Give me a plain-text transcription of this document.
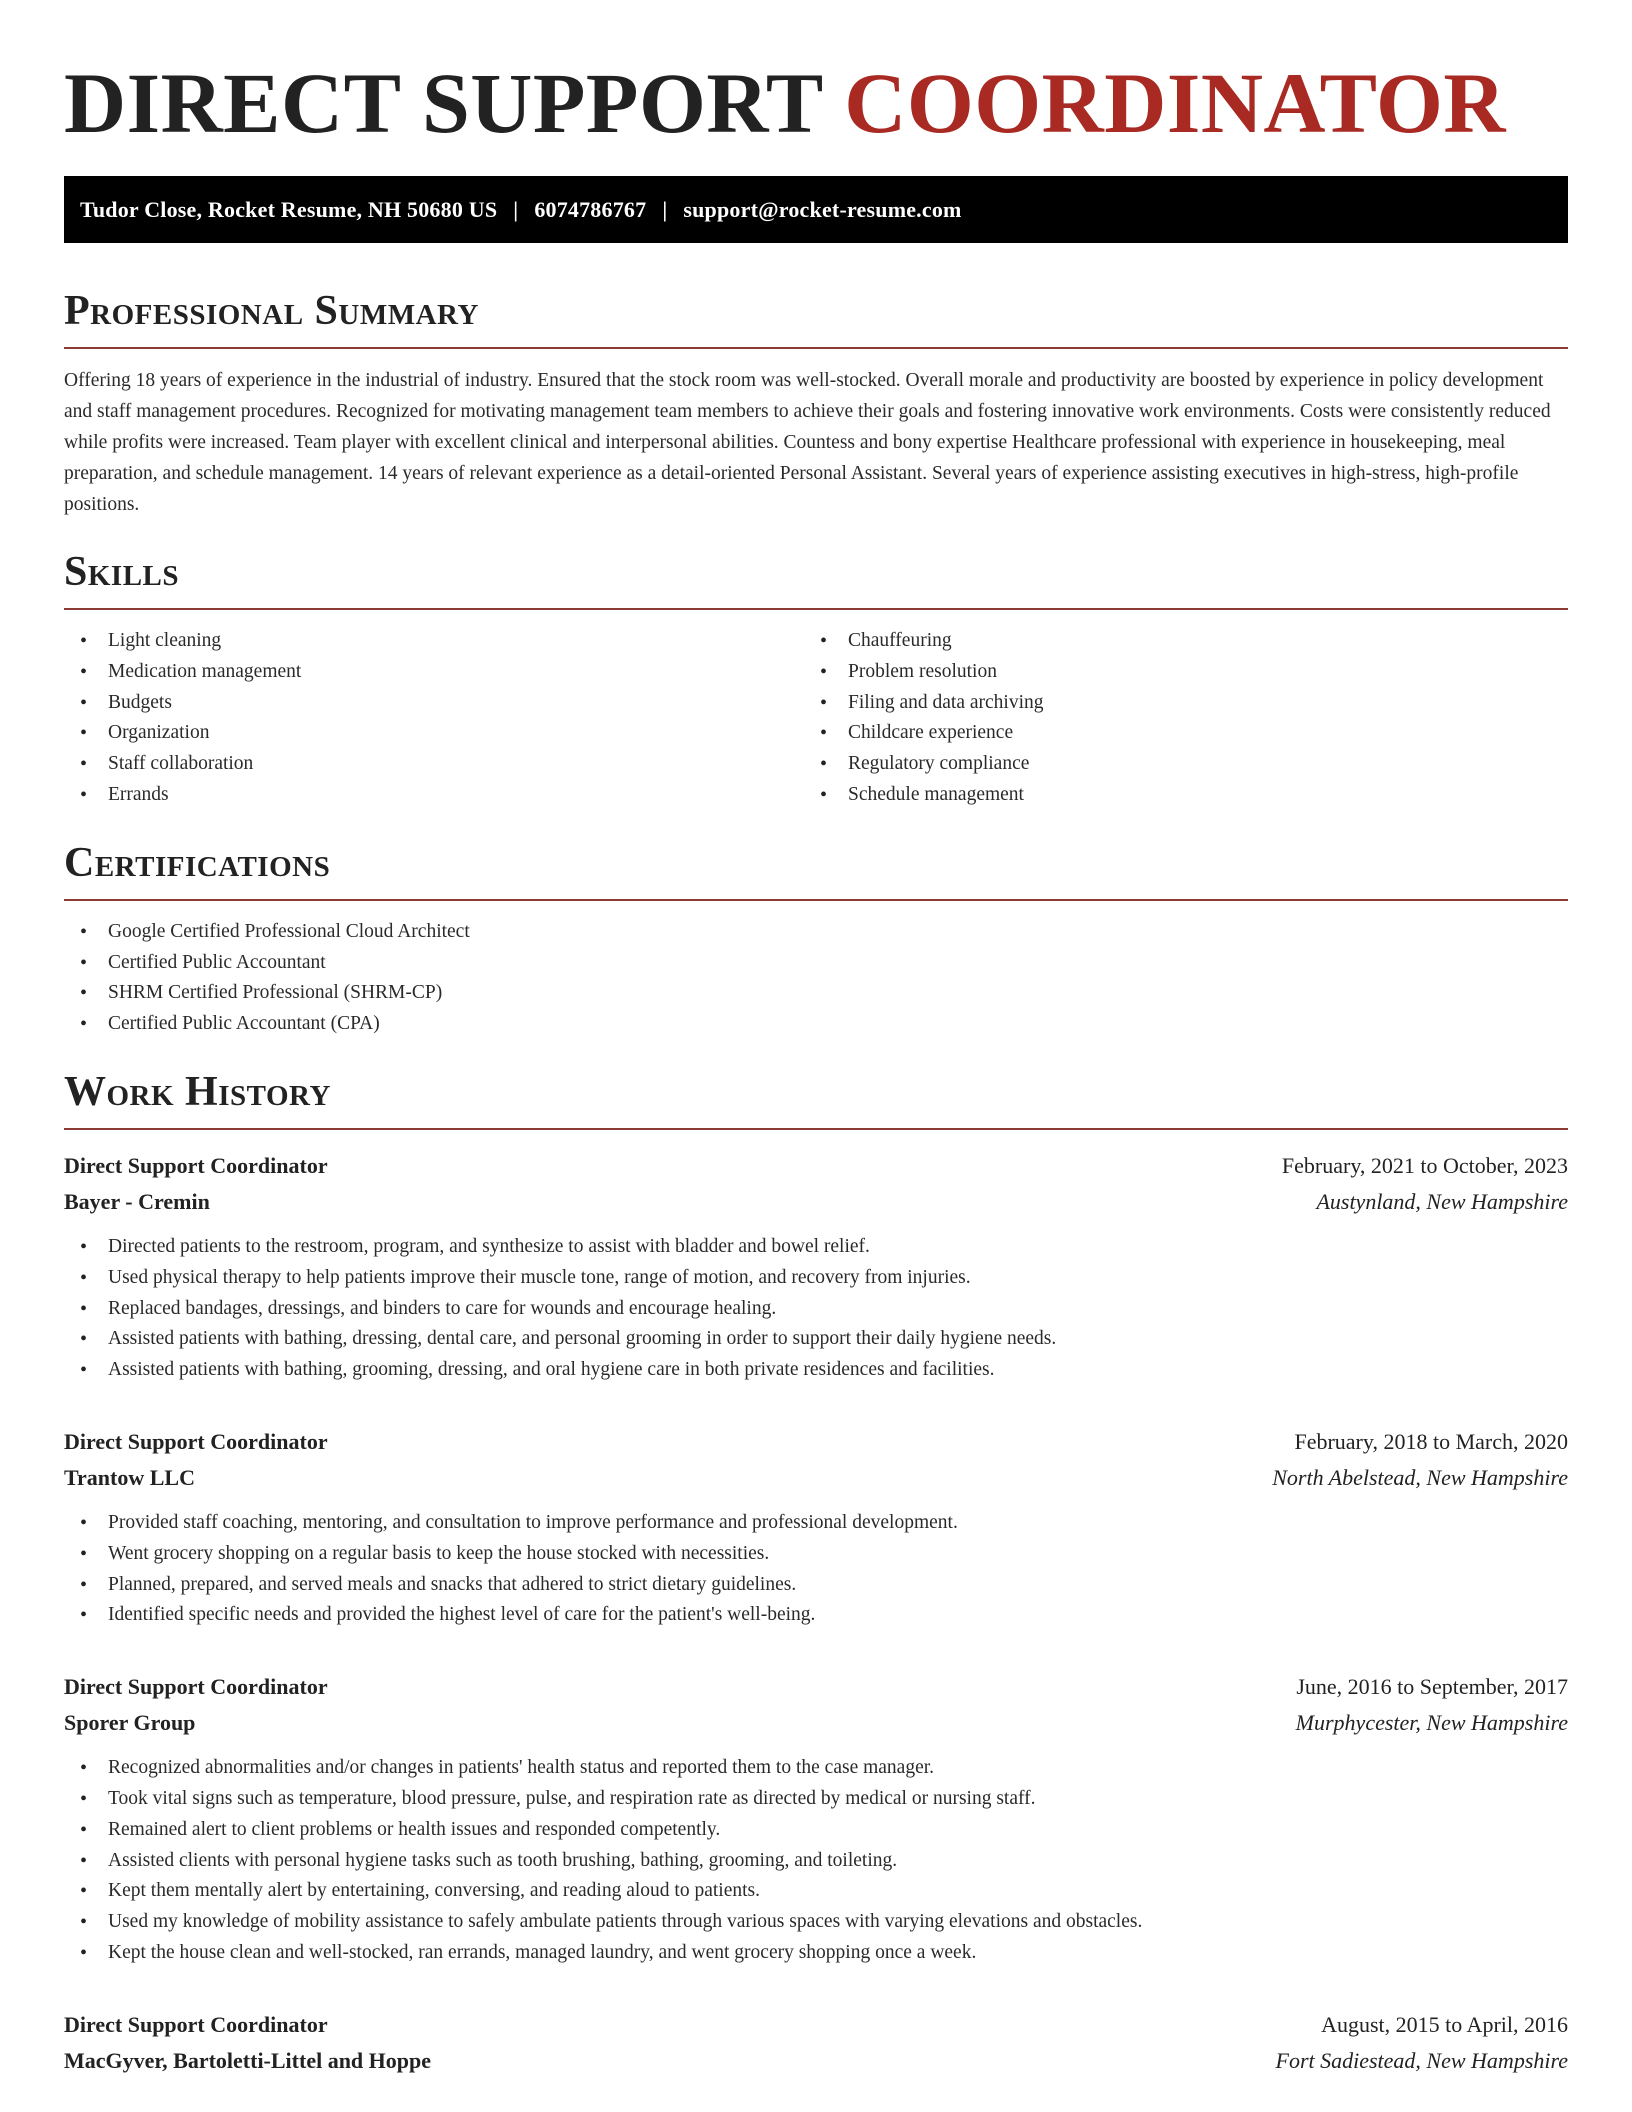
DIRECT SUPPORT COORDINATOR
Tudor Close, Rocket Resume, NH 50680 US | 6074786767 | support@rocket-resume.com
Professional Summary

Offering 18 years of experience in the industrial of industry. Ensured that the stock room was well-stocked. Overall morale and productivity are boosted by experience in policy development and staff management procedures. Recognized for motivating management team members to achieve their goals and fostering innovative work environments. Costs were consistently reduced while profits were increased. Team player with excellent clinical and interpersonal abilities. Countess and bony expertise Healthcare professional with experience in housekeeping, meal preparation, and schedule management. 14 years of relevant experience as a detail-oriented Personal Assistant. Several years of experience assisting executives in high-stress, high-profile positions.

Skills
• Light cleaning
• Medication management
• Budgets
• Organization
• Staff collaboration
• Errands
• Chauffeuring
• Problem resolution
• Filing and data archiving
• Childcare experience
• Regulatory compliance
• Schedule management
Certifications
• Google Certified Professional Cloud Architect
• Certified Public Accountant
• SHRM Certified Professional (SHRM-CP)
• Certified Public Accountant (CPA)
Work History
Direct Support Coordinator	February, 2021 to October, 2023
Bayer - Cremin	Austynland, New Hampshire
• Directed patients to the restroom, program, and synthesize to assist with bladder and bowel relief.
• Used physical therapy to help patients improve their muscle tone, range of motion, and recovery from injuries.
• Replaced bandages, dressings, and binders to care for wounds and encourage healing.
• Assisted patients with bathing, dressing, dental care, and personal grooming in order to support their daily hygiene needs.
• Assisted patients with bathing, grooming, dressing, and oral hygiene care in both private residences and facilities.
Direct Support Coordinator	February, 2018 to March, 2020
Trantow LLC	North Abelstead, New Hampshire
• Provided staff coaching, mentoring, and consultation to improve performance and professional development.
• Went grocery shopping on a regular basis to keep the house stocked with necessities.
• Planned, prepared, and served meals and snacks that adhered to strict dietary guidelines.
• Identified specific needs and provided the highest level of care for the patient's well-being.
Direct Support Coordinator	June, 2016 to September, 2017
Sporer Group	Murphycester, New Hampshire
• Recognized abnormalities and/or changes in patients' health status and reported them to the case manager.
• Took vital signs such as temperature, blood pressure, pulse, and respiration rate as directed by medical or nursing staff.
• Remained alert to client problems or health issues and responded competently.
• Assisted clients with personal hygiene tasks such as tooth brushing, bathing, grooming, and toileting.
• Kept them mentally alert by entertaining, conversing, and reading aloud to patients.
• Used my knowledge of mobility assistance to safely ambulate patients through various spaces with varying elevations and obstacles.
• Kept the house clean and well-stocked, ran errands, managed laundry, and went grocery shopping once a week.
Direct Support Coordinator	August, 2015 to April, 2016
MacGyver, Bartoletti-Littel and Hoppe	Fort Sadiestead, New Hampshire
